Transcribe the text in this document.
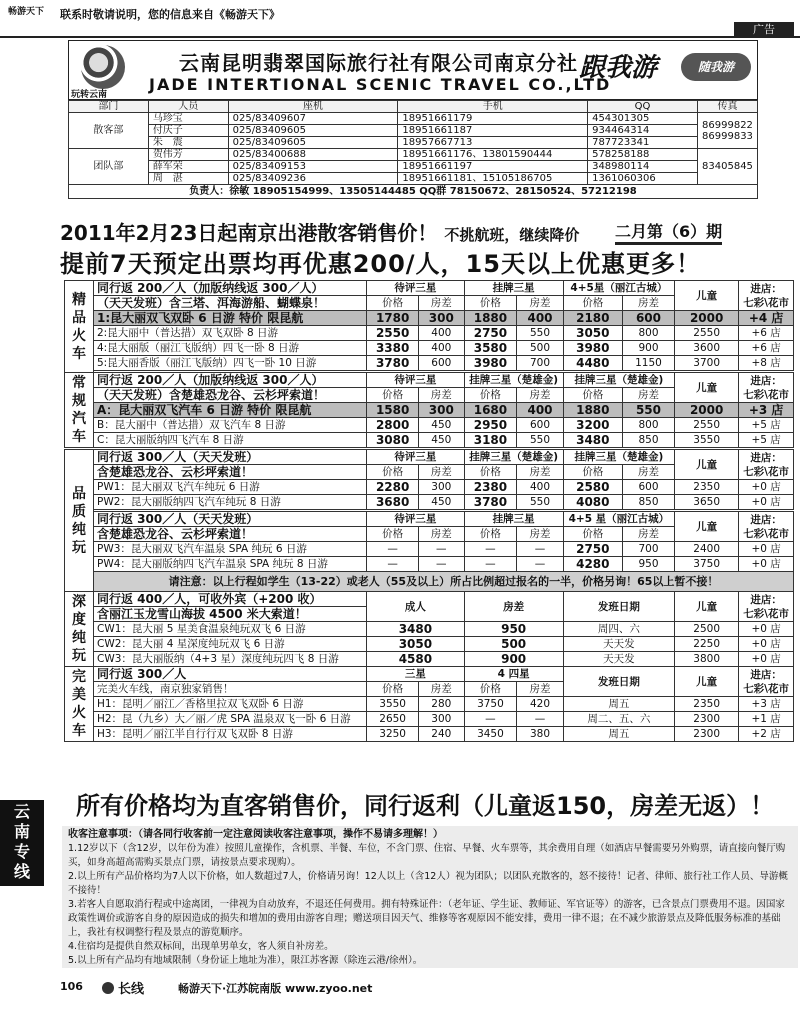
畅游天下 联系时敬请说明，您的信息来自《畅游天下》
广告
玩转云南
云南昆明翡翠国际旅行社有限公司南京分社
JADE INTERTIONAL SCENIC TRAVEL CO.,LTD
跟我游	随我游
部门	人员	座机	手机	QQ	传真
散客部	马珍宝	025/83409607	18951661179	454301305	86999822
86999833
	付庆子	025/83409605	18951661187	934464314	
	朱　震	025/83409605	18957667713	787723341	
团队部	贺伟芳	025/83400688	18951661176、13801590444	578258188	83405845
	薛军荣	025/83409153	18951661197	348980114	
	周　湛	025/83409236	18951661181、15105186705	1361060306	
负责人：徐敏 18905154999、13505144485 QQ群 78150672、28150524、57212198					
2011年2月23日起南京出港散客销售价！ 不挑航班，继续降价 二月第（6）期
提前7天预定出票均再优惠200/人，15天以上优惠更多！
精品火车	同行返 200／人（加版纳线返 300／人）	待评三星		挂牌三星		4+5星（丽江古城）		儿童	进店：
七彩\花市
	（天天发班）含三塔、洱海游船、蝴蝶泉！	价格	房差	价格	房差	价格	房差		
	1:昆大丽双飞双卧 6 日游 特价 限昆航	1780	300	1880	400	2180	600	2000	+4 店
	2:昆大丽中（普达措）双飞双卧 8 日游	2550	400	2750	550	3050	800	2550	+6 店
	4:昆大丽版（丽江飞版纳）四飞一卧 8 日游	3380	400	3580	500	3980	900	3600	+6 店
	5:昆大丽香版（丽江飞版纳）四飞一卧 10 日游	3780	600	3980	700	4480	1150	3700	+8 店

常规汽车	同行返 200／人（加版纳线返 300／人）	待评三星		挂牌三星（楚雄金)		挂牌三星（楚雄金)		儿童	进店：
七彩\花市
	（天天发班）含楚雄恐龙谷、云杉坪索道！	价格	房差	价格	房差	价格	房差		
	A：昆大丽双飞汽车 6 日游 特价 限昆航	1580	300	1680	400	1880	550	2000	+3 店
	B：昆大丽中（普达措）双飞汽车 8 日游	2800	450	2950	600	3200	800	2550	+5 店
	C：昆大丽版纳四飞汽车 8 日游	3080	450	3180	550	3480	850	3550	+5 店

品质纯玩	同行返 300／人（天天发班）	待评三星		挂牌三星（楚雄金)		挂牌三星（楚雄金)		儿童	进店：
七彩\花市
	含楚雄恐龙谷、云杉坪索道！	价格	房差	价格	房差	价格	房差		
	PW1：昆大丽双飞汽车纯玩 6 日游	2280	300	2380	400	2580	600	2350	+0 店
	PW2：昆大丽版纳四飞汽车纯玩 8 日游	3680	450	3780	550	4080	850	3650	+0 店

	同行返 300／人（天天发班）	待评三星		挂牌三星		4+5 星（丽江古城）		儿童	进店：
七彩\花市
	含楚雄恐龙谷、云杉坪索道！	价格	房差	价格	房差	价格	房差		
	PW3：昆大丽双飞汽车温泉 SPA 纯玩 6 日游	—	—	—	—	2750	700	2400	+0 店
	PW4：昆大丽版纳四飞汽车温泉 SPA 纯玩 8 日游	—	—	—	—	4280	950	3750	+0 店
	请注意：以上行程如学生（13-22）或老人（55及以上）所占比例超过报名的一半，价格另询！65以上暂不接！								
深度纯玩	同行返 400／人，可收外宾（+200 收）	成人		房差		发班日期		儿童	进店：
七彩\花市
	含丽江玉龙雪山海拔 4500 米大索道！								
	CW1：昆大丽 5 星美食温泉纯玩双飞 6 日游	3480		950		周四、六		2500	+0 店
	CW2：昆大丽 4 星深度纯玩双飞 6 日游	3050		500		天天发		2250	+0 店
	CW3：昆大丽版纳（4+3 星）深度纯玩四飞 8 日游	4580		900		天天发		3800	+0 店
完美火车	同行返 300／人	三星		4 四星		发班日期		儿童	进店：
七彩\花市
	完美火车线，南京独家销售！	价格	房差	价格	房差				
	H1：昆明／丽江／香格里拉双飞双卧 6 日游	3550	280	3750	420	周五		2350	+3 店
	H2：昆（九乡）大／丽／虎 SPA 温泉双飞一卧 6 日游	2650	300	—	—	周二、五、六		2300	+1 店
	H3：昆明／丽江半自行行双飞双卧 8 日游	3250	240	3450	380	周五		2300	+2 店
所有价格均为直客销售价，同行返利（儿童返150，房差无返）！
云南专线
收客注意事项：（请各同行收客前一定注意阅读收客注意事项，操作不易请多理解！）
1.12岁以下（含12岁，以年份为准）按照儿童操作，含机票、半餐、车位，不含门票、住宿、早餐、火车票等，其余费用自理（如酒店早餐需要另外购票，请直接向餐厅购买，如身高超高需购买景点门票，请按景点要求现购）。
2.以上所有产品价格均为7人以下价格，如人数超过7人，价格请另询！12人以上（含12人）视为团队；以团队充散客的，怒不接待！记者、律师、旅行社工作人员、导游概不接待！
3.若客人自愿取消行程或中途离团，一律视为自动放弃，不退还任何费用。拥有特殊证件：（老年证、学生证、教师证、军官证等）的游客，已含景点门票费用不退。因国家政策性调价或游客自身的原因造成的损失和增加的费用由游客自理；赠送项目因天气、维修等客观原因不能安排，费用一律不退；在不减少旅游景点及降低服务标准的基础上，我社有权调整行程及景点的游览顺序。
4.住宿均是提供自然双标间，出现单男单女，客人须自补房差。
5.以上所有产品均有地域限制（身份证上地址为准），限江苏客源（除连云港/徐州）。
106	长线	畅游天下·江苏皖南版 www.zyoo.net
